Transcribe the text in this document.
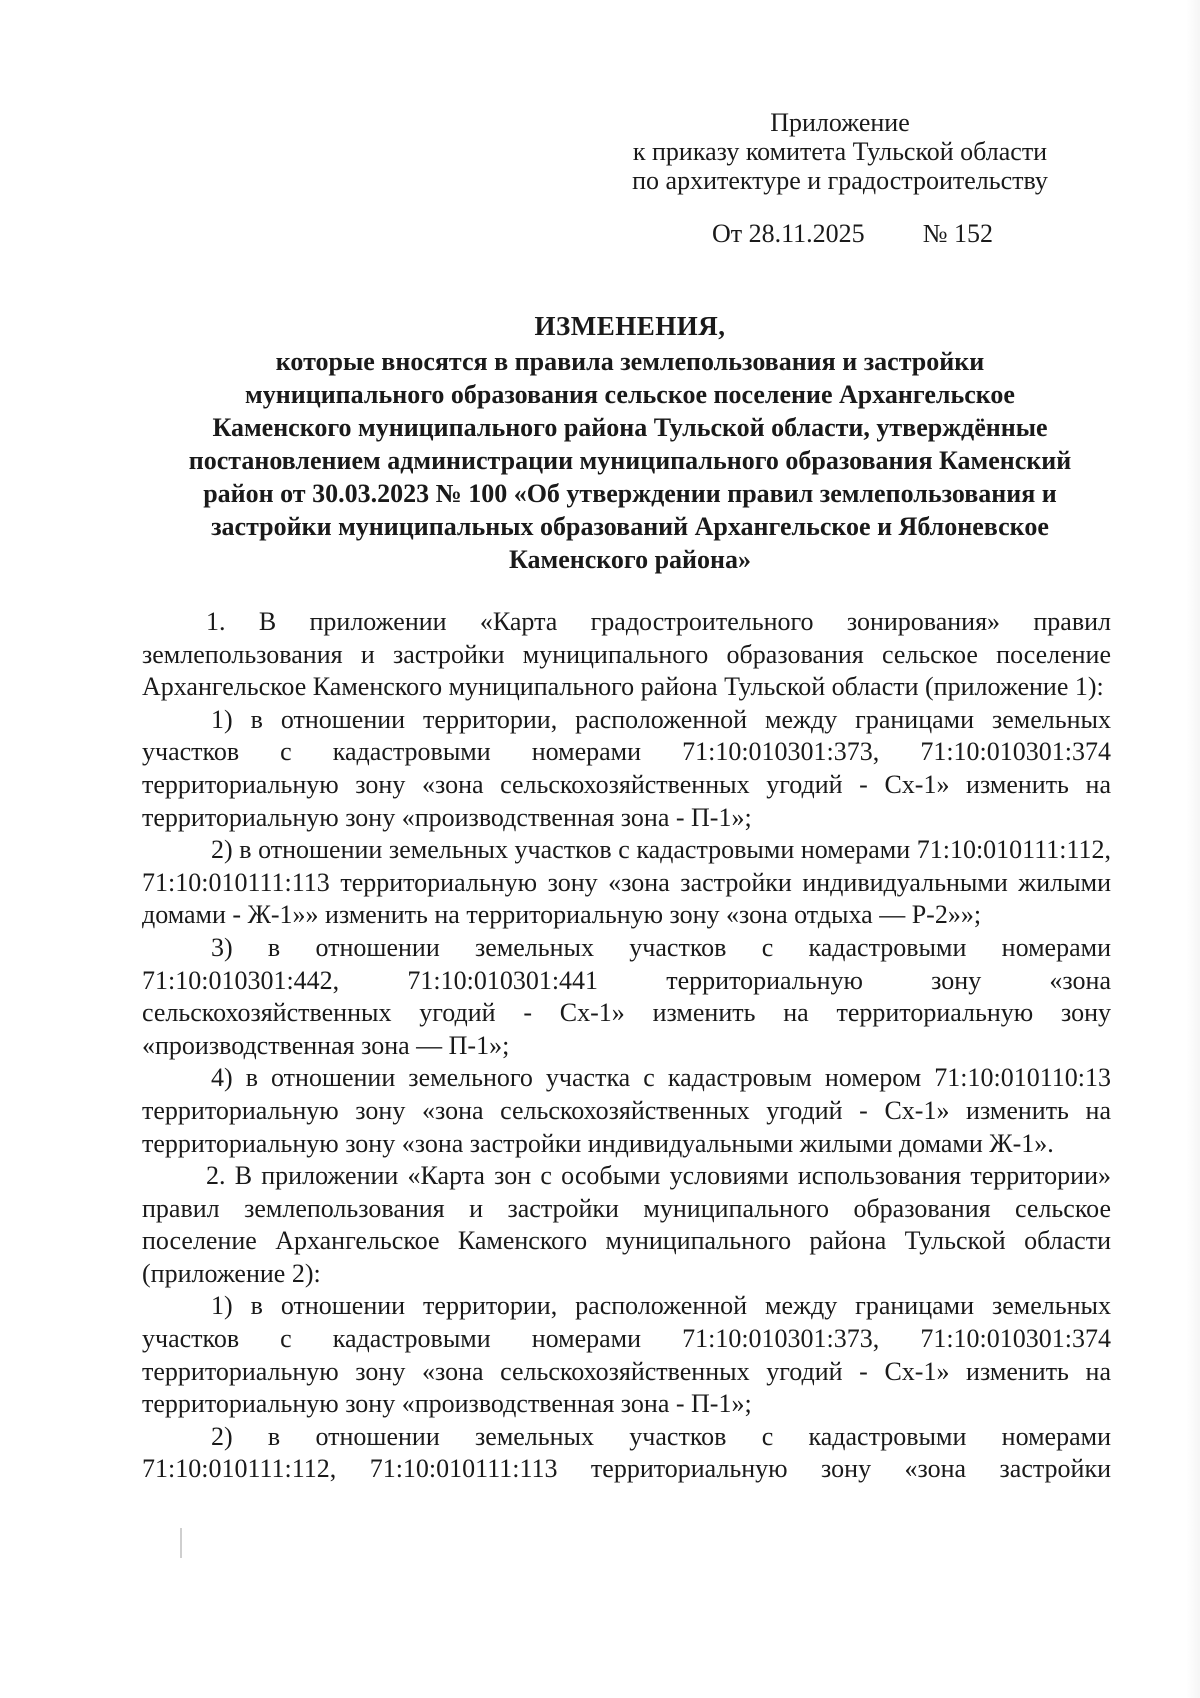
Приложение
к приказу комитета Тульской области
по архитектуре и градостроительству
От 28.11.2025 № 152
ИЗМЕНЕНИЯ,
которые вносятся в правила землепользования и застройки
муниципального образования сельское поселение Архангельское
Каменского муниципального района Тульской области, утверждённые
постановлением администрации муниципального образования Каменский
район от 30.03.2023 № 100 «Об утверждении правил землепользования и
застройки муниципальных образований Архангельское и Яблоневское
Каменского района»

1. В приложении «Карта градостроительного зонирования» правил землепользования и застройки муниципального образования сельское поселение Архангельское Каменского муниципального района Тульской области (приложение 1):

1) в отношении территории, расположенной между границами земельных участков с кадастровыми номерами 71:10:010301:373, 71:10:010301:374 территориальную зону «зона сельскохозяйственных угодий - Сх-1» изменить на территориальную зону «производственная зона - П-1»;

2) в отношении земельных участков с кадастровыми номерами 71:10:010111:112, 71:10:010111:113 территориальную зону «зона застройки индивидуальными жилыми домами - Ж-1»» изменить на территориальную зону «зона отдыха — Р-2»»;

3) в отношении земельных участков с кадастровыми номерами 71:10:010301:442, 71:10:010301:441 территориальную зону «зона сельскохозяйственных угодий - Сх-1» изменить на территориальную зону «производственная зона — П-1»;

4) в отношении земельного участка с кадастровым номером 71:10:010110:13 территориальную зону «зона сельскохозяйственных угодий - Сх-1» изменить на территориальную зону «зона застройки индивидуальными жилыми домами Ж-1».

2. В приложении «Карта зон с особыми условиями использования территории» правил землепользования и застройки муниципального образования сельское поселение Архангельское Каменского муниципального района Тульской области (приложение 2):

1) в отношении территории, расположенной между границами земельных участков с кадастровыми номерами 71:10:010301:373, 71:10:010301:374 территориальную зону «зона сельскохозяйственных угодий - Сх-1» изменить на территориальную зону «производственная зона - П-1»;

2) в отношении земельных участков с кадастровыми номерами

71:10:010111:112, 71:10:010111:113 территориальную зону «зона застройки
